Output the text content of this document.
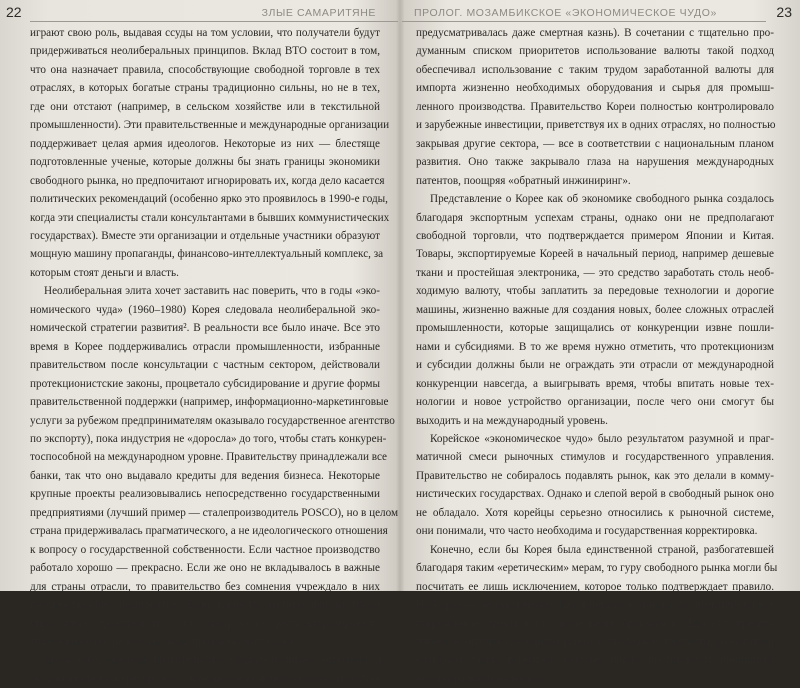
22	ЗЛЫЕ САМАРИТЯНЕ
играют свою роль, выдавая ссуды на том условии, что получатели будут
придерживаться неолиберальных принципов. Вклад ВТО состоит в том,
что она назначает правила, способствующие свободной торговле в тех
отраслях, в которых богатые страны традиционно сильны, но не в тех,
где они отстают (например, в сельском хозяйстве или в текстильной
промышленности). Эти правительственные и международные организации
поддерживает целая армия идеологов. Некоторые из них — блестяще
подготовленные ученые, которые должны бы знать границы экономики
свободного рынка, но предпочитают игнорировать их, когда дело касается
политических рекомендаций (особенно ярко это проявилось в 1990-е годы,
когда эти специалисты стали консультантами в бывших коммунистических
государствах). Вместе эти организации и отдельные участники образуют
мощную машину пропаганды, финансово-интеллектуальный комплекс, за
которым стоят деньги и власть.
Неолиберальная элита хочет заставить нас поверить, что в годы «эко-
номического чуда» (1960–1980) Корея следовала неолиберальной эко-
номической стратегии развития². В реальности все было иначе. Все это
время в Корее поддерживались отрасли промышленности, избранные
правительством после консультации с частным сектором, действовали
протекционистские законы, процветало субсидирование и другие формы
правительственной поддержки (например, информационно-маркетинговые
услуги за рубежом предпринимателям оказывало государственное агентство
по экспорту), пока индустрия не «доросла» до того, чтобы стать конкурен-
тоспособной на международном уровне. Правительству принадлежали все
банки, так что оно выдавало кредиты для ведения бизнеса. Некоторые
крупные проекты реализовывались непосредственно государственными
предприятиями (лучший пример — сталепроизводитель POSCO), но в целом
страна придерживалась прагматического, а не идеологического отношения
к вопросу о государственной собственности. Если частное производство
работало хорошо — прекрасно. Если же оно не вкладывалось в важные
для страны отрасли, то правительство без сомнения учреждало в них
государственное предприятие. Если какие-то частные фирмы плохо
управлялись, правительство часто отбирало их, реструктуризировало,
тоже обычно (но не всегда) снова продавало частникам.
Кроме того, корейское правительство обладало полным контролем над
скудным валютным ресурсом (за нарушение валютного законодательства
ПРОЛОГ. МОЗАМБИКСКОЕ «ЭКОНОМИЧЕСКОЕ ЧУДО»	23
предусматривалась даже смертная казнь). В сочетании с тщательно про-
думанным списком приоритетов использование валюты такой подход
обеспечивал использование с таким трудом заработанной валюты для
импорта жизненно необходимых оборудования и сырья для промыш-
ленного производства. Правительство Кореи полностью контролировало
и зарубежные инвестиции, приветствуя их в одних отраслях, но полностью
закрывая другие сектора, — все в соответствии с национальным планом
развития. Оно также закрывало глаза на нарушения международных
патентов, поощряя «обратный инжиниринг».
Представление о Корее как об экономике свободного рынка создалось
благодаря экспортным успехам страны, однако они не предполагают
свободной торговли, что подтверждается примером Японии и Китая.
Товары, экспортируемые Кореей в начальный период, например дешевые
ткани и простейшая электроника, — это средство заработать столь необ-
ходимую валюту, чтобы заплатить за передовые технологии и дорогие
машины, жизненно важные для создания новых, более сложных отраслей
промышленности, которые защищались от конкуренции извне пошли-
нами и субсидиями. В то же время нужно отметить, что протекционизм
и субсидии должны были не ограждать эти отрасли от международной
конкуренции навсегда, а выигрывать время, чтобы впитать новые тех-
нологии и новое устройство организации, после чего они смогут бы
выходить и на международный уровень.
Корейское «экономическое чудо» было результатом разумной и праг-
матичной смеси рыночных стимулов и государственного управления.
Правительство не собиралось подавлять рынок, как это делали в комму-
нистических государствах. Однако и слепой верой в свободный рынок оно
не обладало. Хотя корейцы серьезно относились к рыночной системе,
они понимали, что часто необходима и государственная корректировка.
Конечно, если бы Корея была единственной страной, разбогатевшей
благодаря таким «еретическим» мерам, то гуру свободного рынка могли бы
посчитать ее лишь исключением, которое только подтверждает правило.
Но Корея — не исключение. Как я покажу в этой книге, практически все
современные страны, в том числе Великобритания и США (эти предпо-
лагаемые оплоты свободного рынка и свободной торговли), разбогатели
благодаря таким рецептам, которые прямо противоречат принципам
неолиберальной экономики.
